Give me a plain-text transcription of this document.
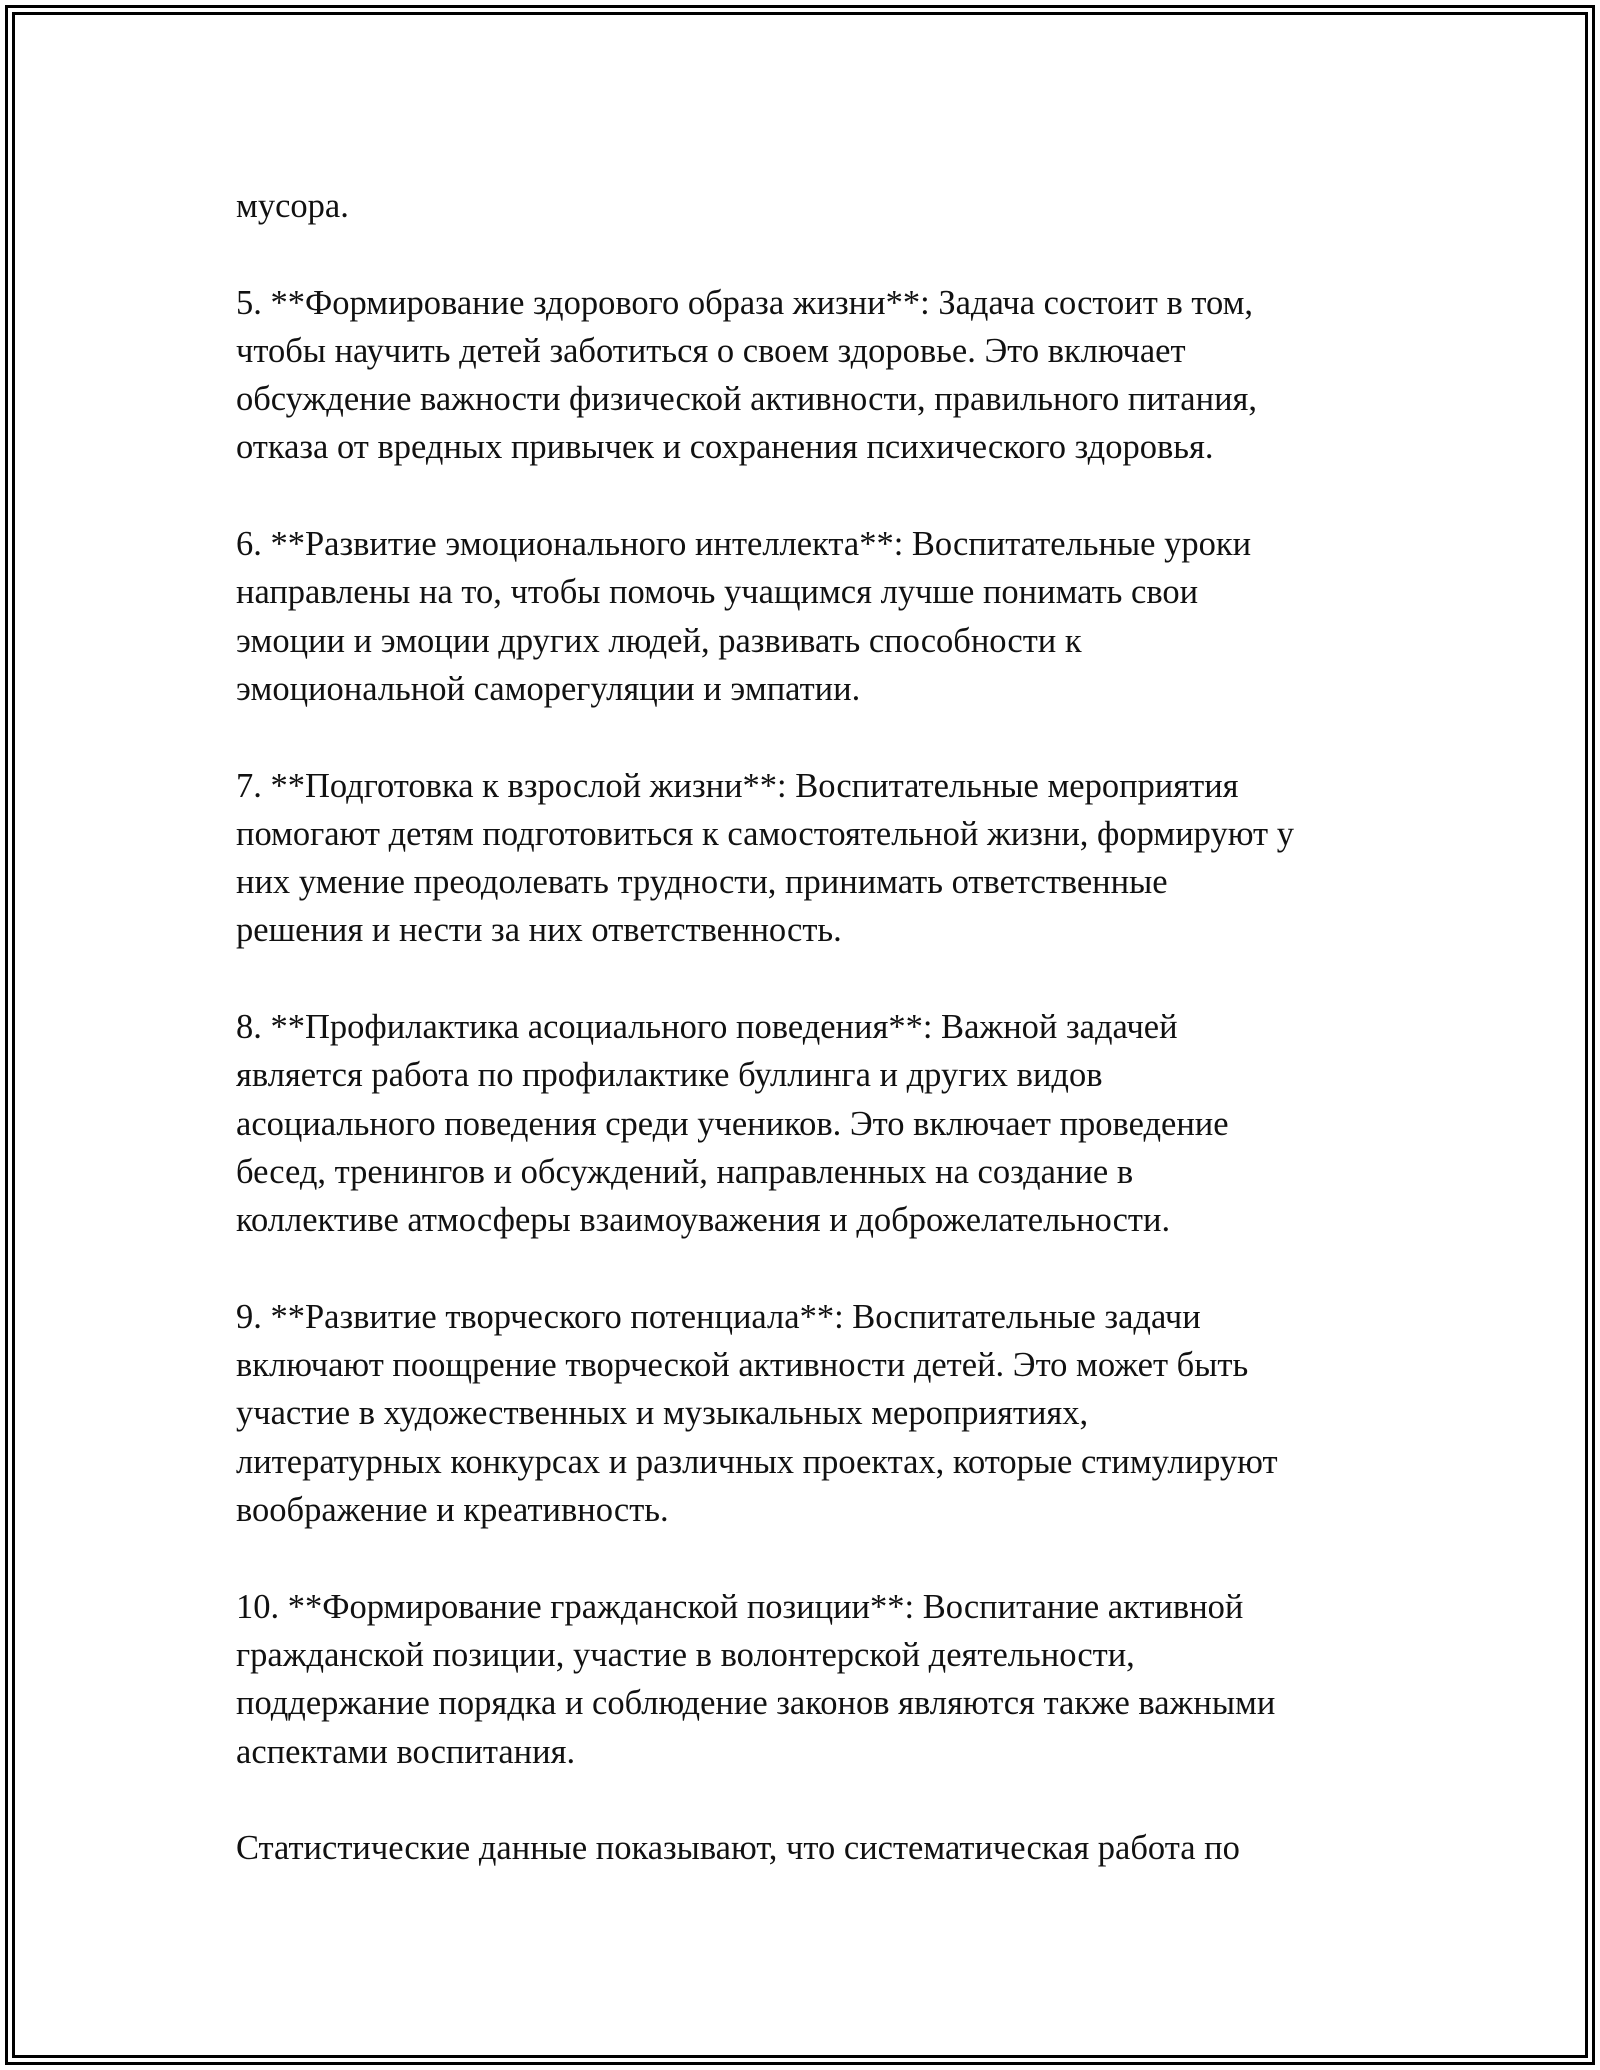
мусора.

5. **Формирование здорового образа жизни**: Задача состоит в том,
чтобы научить детей заботиться о своем здоровье. Это включает
обсуждение важности физической активности, правильного питания,
отказа от вредных привычек и сохранения психического здоровья.

6. **Развитие эмоционального интеллекта**: Воспитательные уроки
направлены на то, чтобы помочь учащимся лучше понимать свои
эмоции и эмоции других людей, развивать способности к
эмоциональной саморегуляции и эмпатии.

7. **Подготовка к взрослой жизни**: Воспитательные мероприятия
помогают детям подготовиться к самостоятельной жизни, формируют у
них умение преодолевать трудности, принимать ответственные
решения и нести за них ответственность.

8. **Профилактика асоциального поведения**: Важной задачей
является работа по профилактике буллинга и других видов
асоциального поведения среди учеников. Это включает проведение
бесед, тренингов и обсуждений, направленных на создание в
коллективе атмосферы взаимоуважения и доброжелательности.

9. **Развитие творческого потенциала**: Воспитательные задачи
включают поощрение творческой активности детей. Это может быть
участие в художественных и музыкальных мероприятиях,
литературных конкурсах и различных проектах, которые стимулируют
воображение и креативность.

10. **Формирование гражданской позиции**: Воспитание активной
гражданской позиции, участие в волонтерской деятельности,
поддержание порядка и соблюдение законов являются также важными
аспектами воспитания.

Статистические данные показывают, что систематическая работа по
